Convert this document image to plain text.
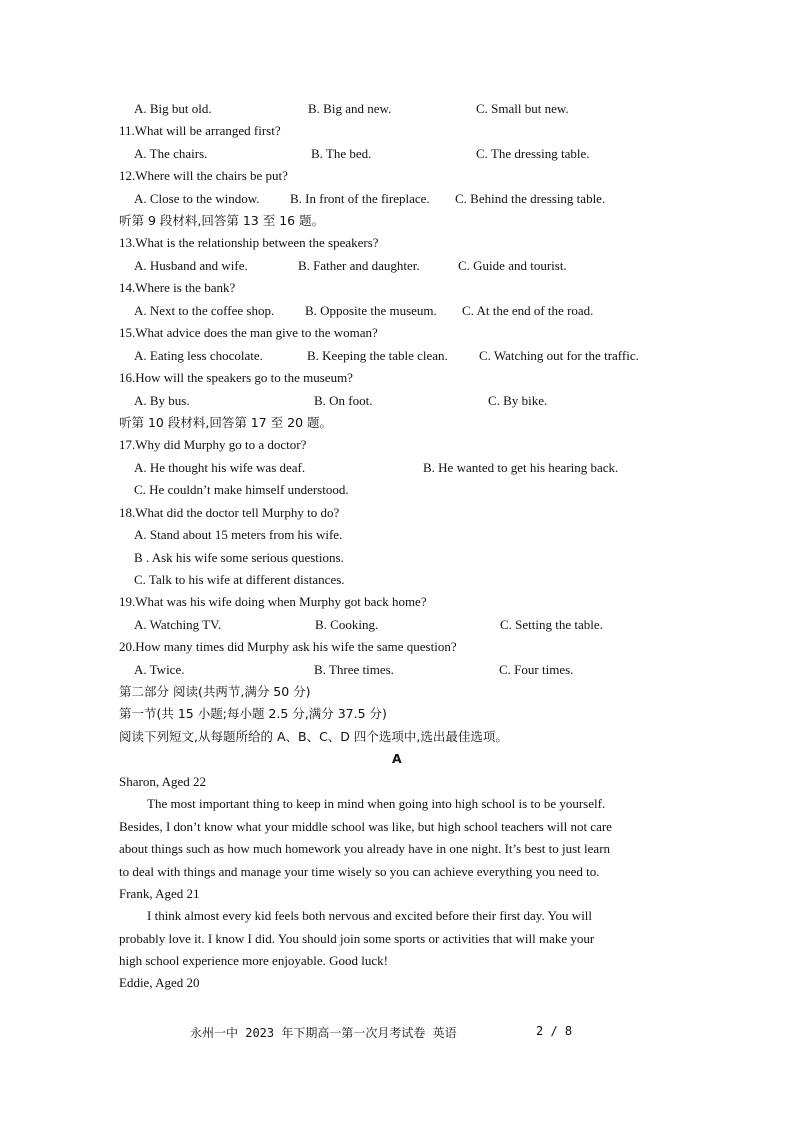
A. Big but old.	B. Big and new.	C. Small but new.
11.What will be arranged first?
A. The chairs.	B. The bed.	C. The dressing table.
12.Where will the chairs be put?
A. Close to the window. B. In front of the fireplace. C. Behind the dressing table.
听第 9 段材料,回答第 13 至 16 题。
13.What is the relationship between the speakers?
A. Husband and wife.	B. Father and daughter.	C. Guide and tourist.
14.Where is the bank?
A. Next to the coffee shop. B. Opposite the museum. C. At the end of the road.
15.What advice does the man give to the woman?
A. Eating less chocolate.	B. Keeping the table clean. C. Watching out for the traffic.
16.How will the speakers go to the museum?
A. By bus.	B. On foot.	C. By bike.
听第 10 段材料,回答第 17 至 20 题。
17.Why did Murphy go to a doctor?
A. He thought his wife was deaf.	B. He wanted to get his hearing back.
C. He couldn’t make himself understood.
18.What did the doctor tell Murphy to do?
A. Stand about 15 meters from his wife.
B . Ask his wife some serious questions.
C. Talk to his wife at different distances.
19.What was his wife doing when Murphy got back home?
A. Watching TV.	B. Cooking.	C. Setting the table.
20.How many times did Murphy ask his wife the same question?
A. Twice.	B. Three times.	C. Four times.
第二部分 阅读(共两节,满分 50 分)
第一节(共 15 小题;每小题 2.5 分,满分 37.5 分)
阅读下列短文,从每题所给的 A、B、C、D 四个选项中,选出最佳选项。
A
Sharon, Aged 22
The most important thing to keep in mind when going into high school is to be yourself.
Besides, I don’t know what your middle school was like, but high school teachers will not care
about things such as how much homework you already have in one night. It’s best to just learn
to deal with things and manage your time wisely so you can achieve everything you need to.
Frank, Aged 21
I think almost every kid feels both nervous and excited before their first day. You will
probably love it. I know I did. You should join some sports or activities that will make your
high school experience more enjoyable. Good luck!
Eddie, Aged 20
永州一中 2023 年下期高一第一次月考试卷 英语	2 / 8
